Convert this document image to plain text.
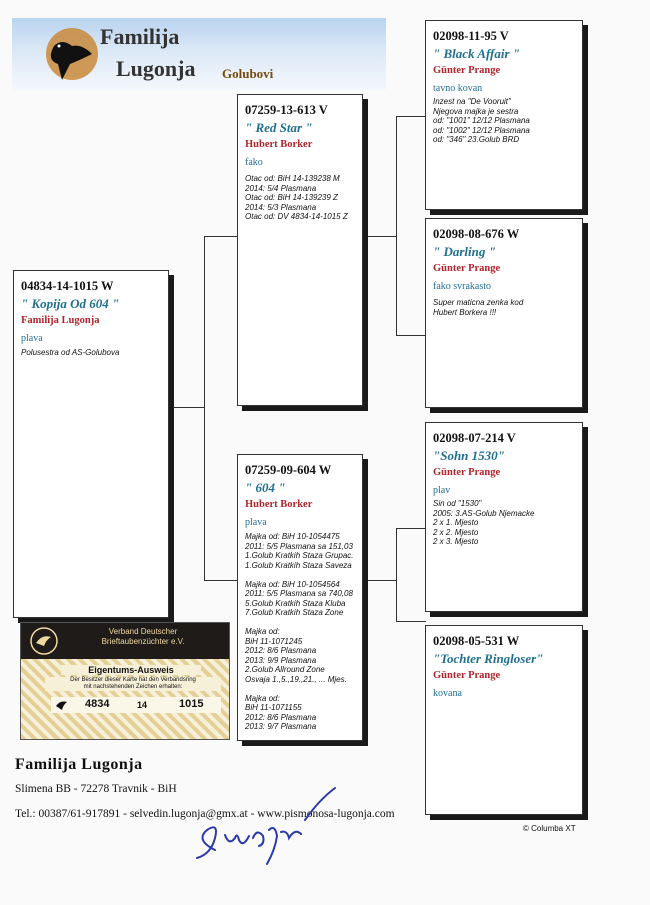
Familija
Lugonja Golubovi
04834-14-1015 W
" Kopija Od 604 "
Familija Lugonja
plava
Polusestra od AS-Golubova
07259-13-613 V
" Red Star "
Hubert Borker
fako
Otac od: BiH 14-139238 M
2014: 5/4 Plasmana
Otac od: BiH 14-139239 Z
2014: 5/3 Plasmana
Otac od: DV 4834-14-1015 Z
07259-09-604 W
" 604 "
Hubert Borker
plava
Majka od: BiH 10-1054475
2011: 5/5 Plasmana sa 151,03
1.Golub Kratkih Staza Grupac.
1.Golub Kratkih Staza Saveza

Majka od: BiH 10-1054564
2011: 5/5 Plasmana sa 740,08
5.Golub Kratkih Staza Kluba
7.Golub Kratkih Staza Zone

Majka od:
BiH 11-1071245
2012: 8/6 Plasmana
2013: 9/9 Plasmana
2.Golub Allround Zone
Osvaja 1.,5.,19.,21., ... Mjes.

Majka od:
BiH 11-1071155
2012: 8/6 Plasmana
2013: 9/7 Plasmana
02098-11-95 V
" Black Affair "
Günter Prange
tavno kovan
Inzest na "De Vooruit"
Njegova majka je sestra
od: "1001" 12/12 Plasmana
od: "1002" 12/12 Plasmana
od: "346" 23.Golub BRD
02098-08-676 W
" Darling "
Günter Prange
fako svrakasto
Super maticna zenka kod
Hubert Borkera !!!
02098-07-214 V
"Sohn 1530"
Günter Prange
plav
Sin od "1530"
2005: 3.AS-Golub Njemacke
2 x 1. Mjesto
2 x 2. Mjesto
2 x 3. Mjesto
02098-05-531 W
"Tochter Ringloser"
Günter Prange
kovana
Verband Deutscher
Brieftaubenzüchter e.V.
Eigentums-Ausweis
Der Besitzer dieser Karte hat den Verbandsring
mit nachstehenden Zeichen erhalten:
4834	14	1015
Familija Lugonja
Slimena BB - 72278 Travnik - BiH
Tel.: 00387/61-917891 - selvedin.lugonja@gmx.at - www.pismonosa-lugonja.com
© Columba XT
